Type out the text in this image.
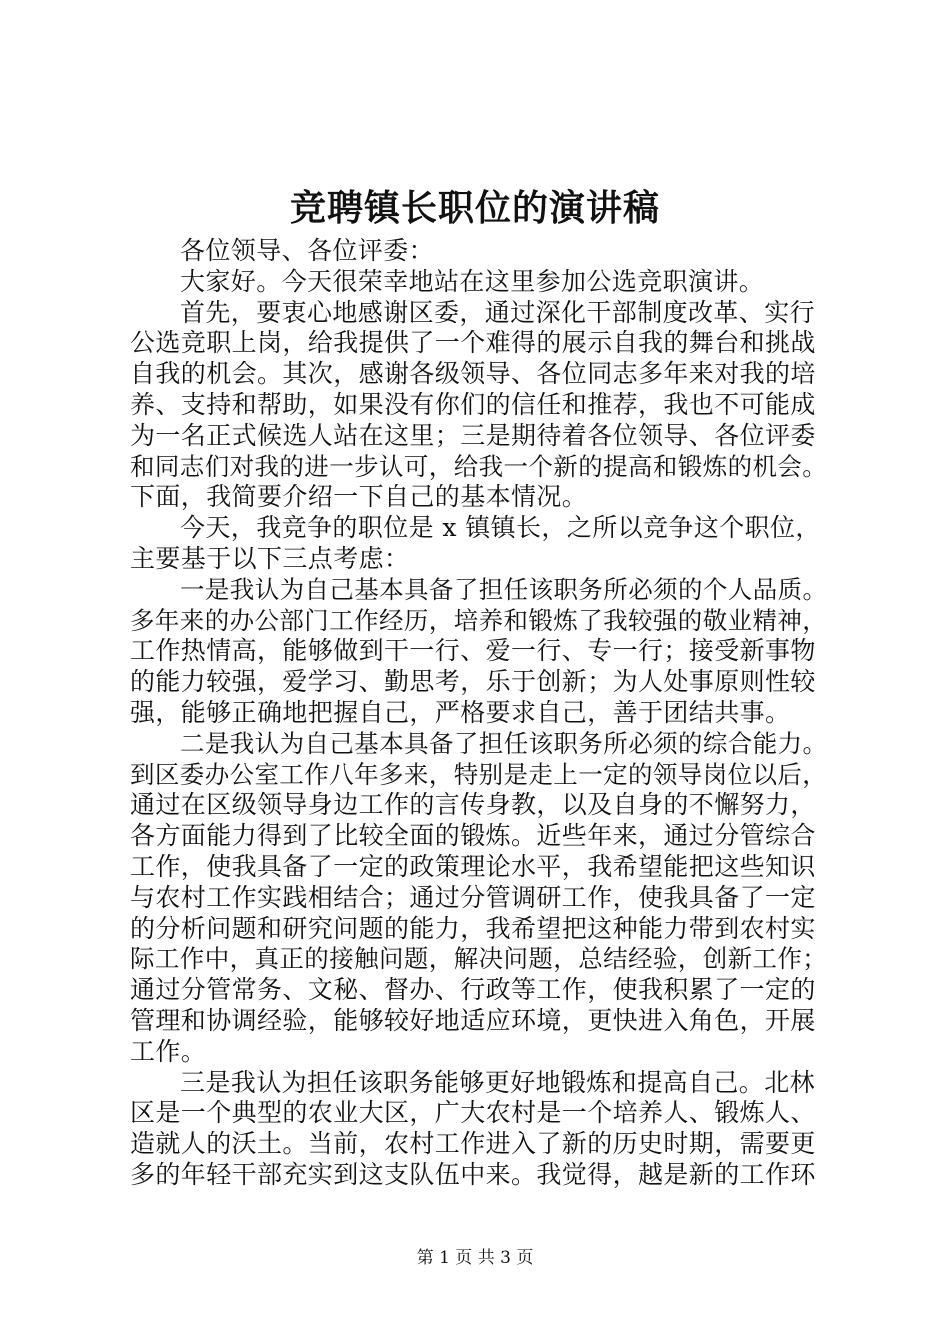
竞聘镇长职位的演讲稿
各位领导、各位评委：
大家好。今天很荣幸地站在这里参加公选竞职演讲。
首先，要衷心地感谢区委，通过深化干部制度改革、实行
公选竞职上岗，给我提供了一个难得的展示自我的舞台和挑战
自我的机会。其次，感谢各级领导、各位同志多年来对我的培
养、支持和帮助，如果没有你们的信任和推荐，我也不可能成
为一名正式候选人站在这里；三是期待着各位领导、各位评委
和同志们对我的进一步认可，给我一个新的提高和锻炼的机会。
下面，我简要介绍一下自己的基本情况。
今天，我竞争的职位是 x 镇镇长，之所以竞争这个职位，
主要基于以下三点考虑：
一是我认为自己基本具备了担任该职务所必须的个人品质。
多年来的办公部门工作经历，培养和锻炼了我较强的敬业精神，
工作热情高，能够做到干一行、爱一行、专一行；接受新事物
的能力较强，爱学习、勤思考，乐于创新；为人处事原则性较
强，能够正确地把握自己，严格要求自己，善于团结共事。
二是我认为自己基本具备了担任该职务所必须的综合能力。
到区委办公室工作八年多来，特别是走上一定的领导岗位以后，
通过在区级领导身边工作的言传身教，以及自身的不懈努力，
各方面能力得到了比较全面的锻炼。近些年来，通过分管综合
工作，使我具备了一定的政策理论水平，我希望能把这些知识
与农村工作实践相结合；通过分管调研工作，使我具备了一定
的分析问题和研究问题的能力，我希望把这种能力带到农村实
际工作中，真正的接触问题，解决问题，总结经验，创新工作；
通过分管常务、文秘、督办、行政等工作，使我积累了一定的
管理和协调经验，能够较好地适应环境，更快进入角色，开展
工作。
三是我认为担任该职务能够更好地锻炼和提高自己。北林
区是一个典型的农业大区，广大农村是一个培养人、锻炼人、
造就人的沃土。当前，农村工作进入了新的历史时期，需要更
多的年轻干部充实到这支队伍中来。我觉得，越是新的工作环
第 1 页 共 3 页
